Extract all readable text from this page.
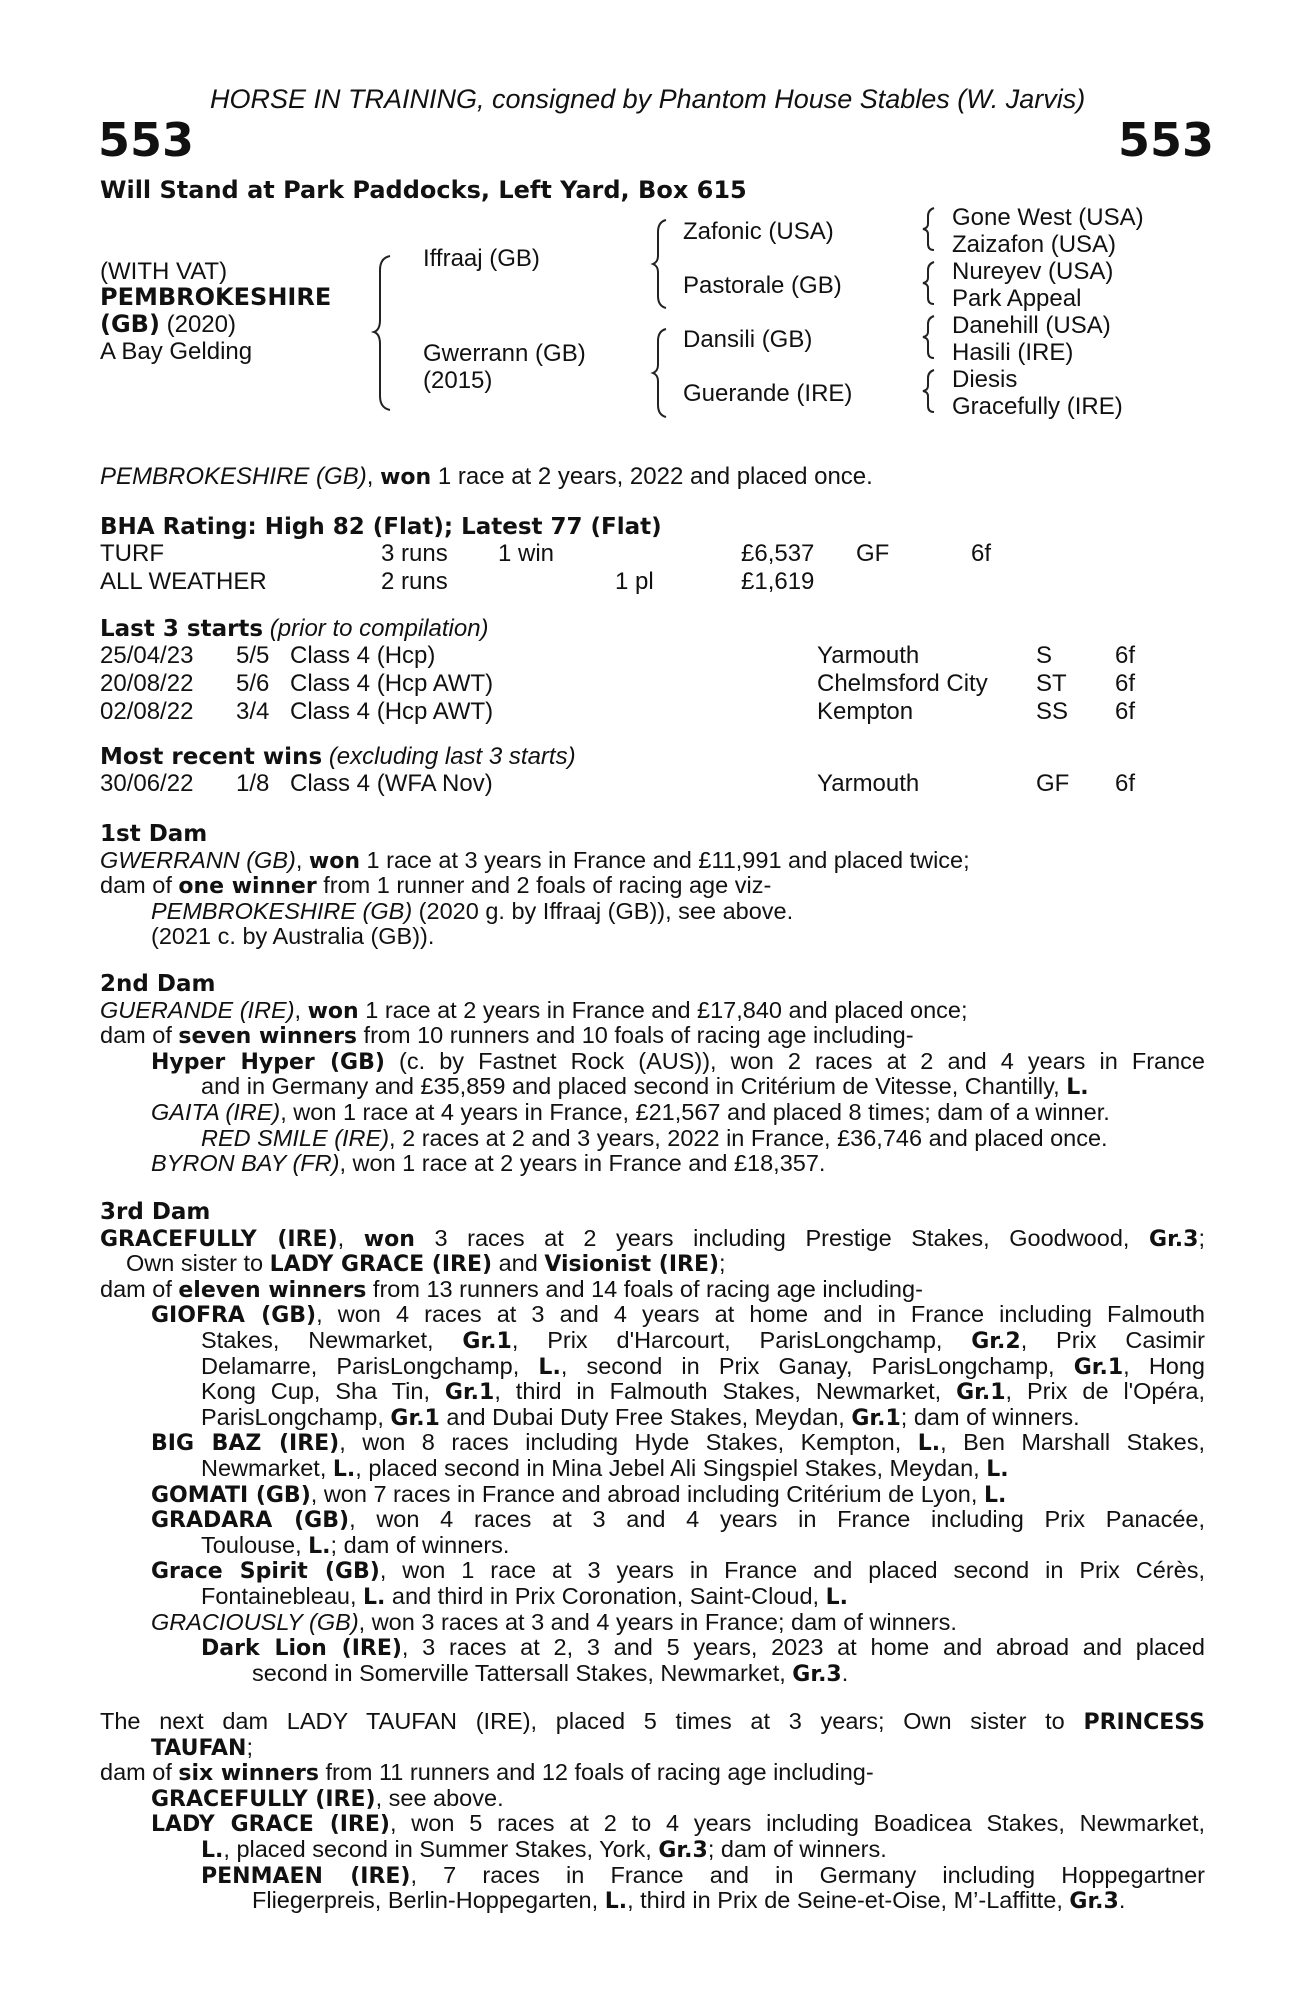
HORSE IN TRAINING, consigned by Phantom House Stables (W. Jarvis)
553	553
Will Stand at Park Paddocks, Left Yard, Box 615
(WITH VAT)
PEMBROKESHIRE
(GB) (2020)
A Bay Gelding
Iffraaj (GB)
Gwerrann (GB)
(2015)
Zafonic (USA)
Pastorale (GB)
Dansili (GB)
Guerande (IRE)
Gone West (USA)
Zaizafon (USA)
Nureyev (USA)
Park Appeal
Danehill (USA)
Hasili (IRE)
Diesis
Gracefully (IRE)
PEMBROKESHIRE (GB), won 1 race at 2 years, 2022 and placed once.
BHA Rating: High 82 (Flat); Latest 77 (Flat)
TURF	3 runs	1 win		£6,537	GF	6f
ALL WEATHER	2 runs		1 pl	£1,619		
Last 3 starts (prior to compilation)
25/04/23	5/5	Class 4 (Hcp)	Yarmouth	S	6f
20/08/22	5/6	Class 4 (Hcp AWT)	Chelmsford City	ST	6f
02/08/22	3/4	Class 4 (Hcp AWT)	Kempton	SS	6f
Most recent wins (excluding last 3 starts)
30/06/22	1/8	Class 4 (WFA Nov)	Yarmouth	GF	6f
1st Dam
GWERRANN (GB), won 1 race at 3 years in France and £11,991 and placed twice;
dam of one winner from 1 runner and 2 foals of racing age viz-
PEMBROKESHIRE (GB) (2020 g. by Iffraaj (GB)), see above.
(2021 c. by Australia (GB)).
2nd Dam
GUERANDE (IRE), won 1 race at 2 years in France and £17,840 and placed once;
dam of seven winners from 10 runners and 10 foals of racing age including-
Hyper Hyper (GB) (c. by Fastnet Rock (AUS)), won 2 races at 2 and 4 years in France
and in Germany and £35,859 and placed second in Critérium de Vitesse, Chantilly, L.
GAITA (IRE), won 1 race at 4 years in France, £21,567 and placed 8 times; dam of a winner.
RED SMILE (IRE), 2 races at 2 and 3 years, 2022 in France, £36,746 and placed once.
BYRON BAY (FR), won 1 race at 2 years in France and £18,357.
3rd Dam
GRACEFULLY (IRE), won 3 races at 2 years including Prestige Stakes, Goodwood, Gr.3;
Own sister to LADY GRACE (IRE) and Visionist (IRE);
dam of eleven winners from 13 runners and 14 foals of racing age including-
GIOFRA (GB), won 4 races at 3 and 4 years at home and in France including Falmouth
Stakes, Newmarket, Gr.1, Prix d'Harcourt, ParisLongchamp, Gr.2, Prix Casimir
Delamarre, ParisLongchamp, L., second in Prix Ganay, ParisLongchamp, Gr.1, Hong
Kong Cup, Sha Tin, Gr.1, third in Falmouth Stakes, Newmarket, Gr.1, Prix de l'Opéra,
ParisLongchamp, Gr.1 and Dubai Duty Free Stakes, Meydan, Gr.1; dam of winners.
BIG BAZ (IRE), won 8 races including Hyde Stakes, Kempton, L., Ben Marshall Stakes,
Newmarket, L., placed second in Mina Jebel Ali Singspiel Stakes, Meydan, L.
GOMATI (GB), won 7 races in France and abroad including Critérium de Lyon, L.
GRADARA (GB), won 4 races at 3 and 4 years in France including Prix Panacée,
Toulouse, L.; dam of winners.
Grace Spirit (GB), won 1 race at 3 years in France and placed second in Prix Cérès,
Fontainebleau, L. and third in Prix Coronation, Saint-Cloud, L.
GRACIOUSLY (GB), won 3 races at 3 and 4 years in France; dam of winners.
Dark Lion (IRE), 3 races at 2, 3 and 5 years, 2023 at home and abroad and placed
second in Somerville Tattersall Stakes, Newmarket, Gr.3.
The next dam LADY TAUFAN (IRE), placed 5 times at 3 years; Own sister to PRINCESS
TAUFAN;
dam of six winners from 11 runners and 12 foals of racing age including-
GRACEFULLY (IRE), see above.
LADY GRACE (IRE), won 5 races at 2 to 4 years including Boadicea Stakes, Newmarket,
L., placed second in Summer Stakes, York, Gr.3; dam of winners.
PENMAEN (IRE), 7 races in France and in Germany including Hoppegartner
Fliegerpreis, Berlin-Hoppegarten, L., third in Prix de Seine-et-Oise, M’-Laffitte, Gr.3.
